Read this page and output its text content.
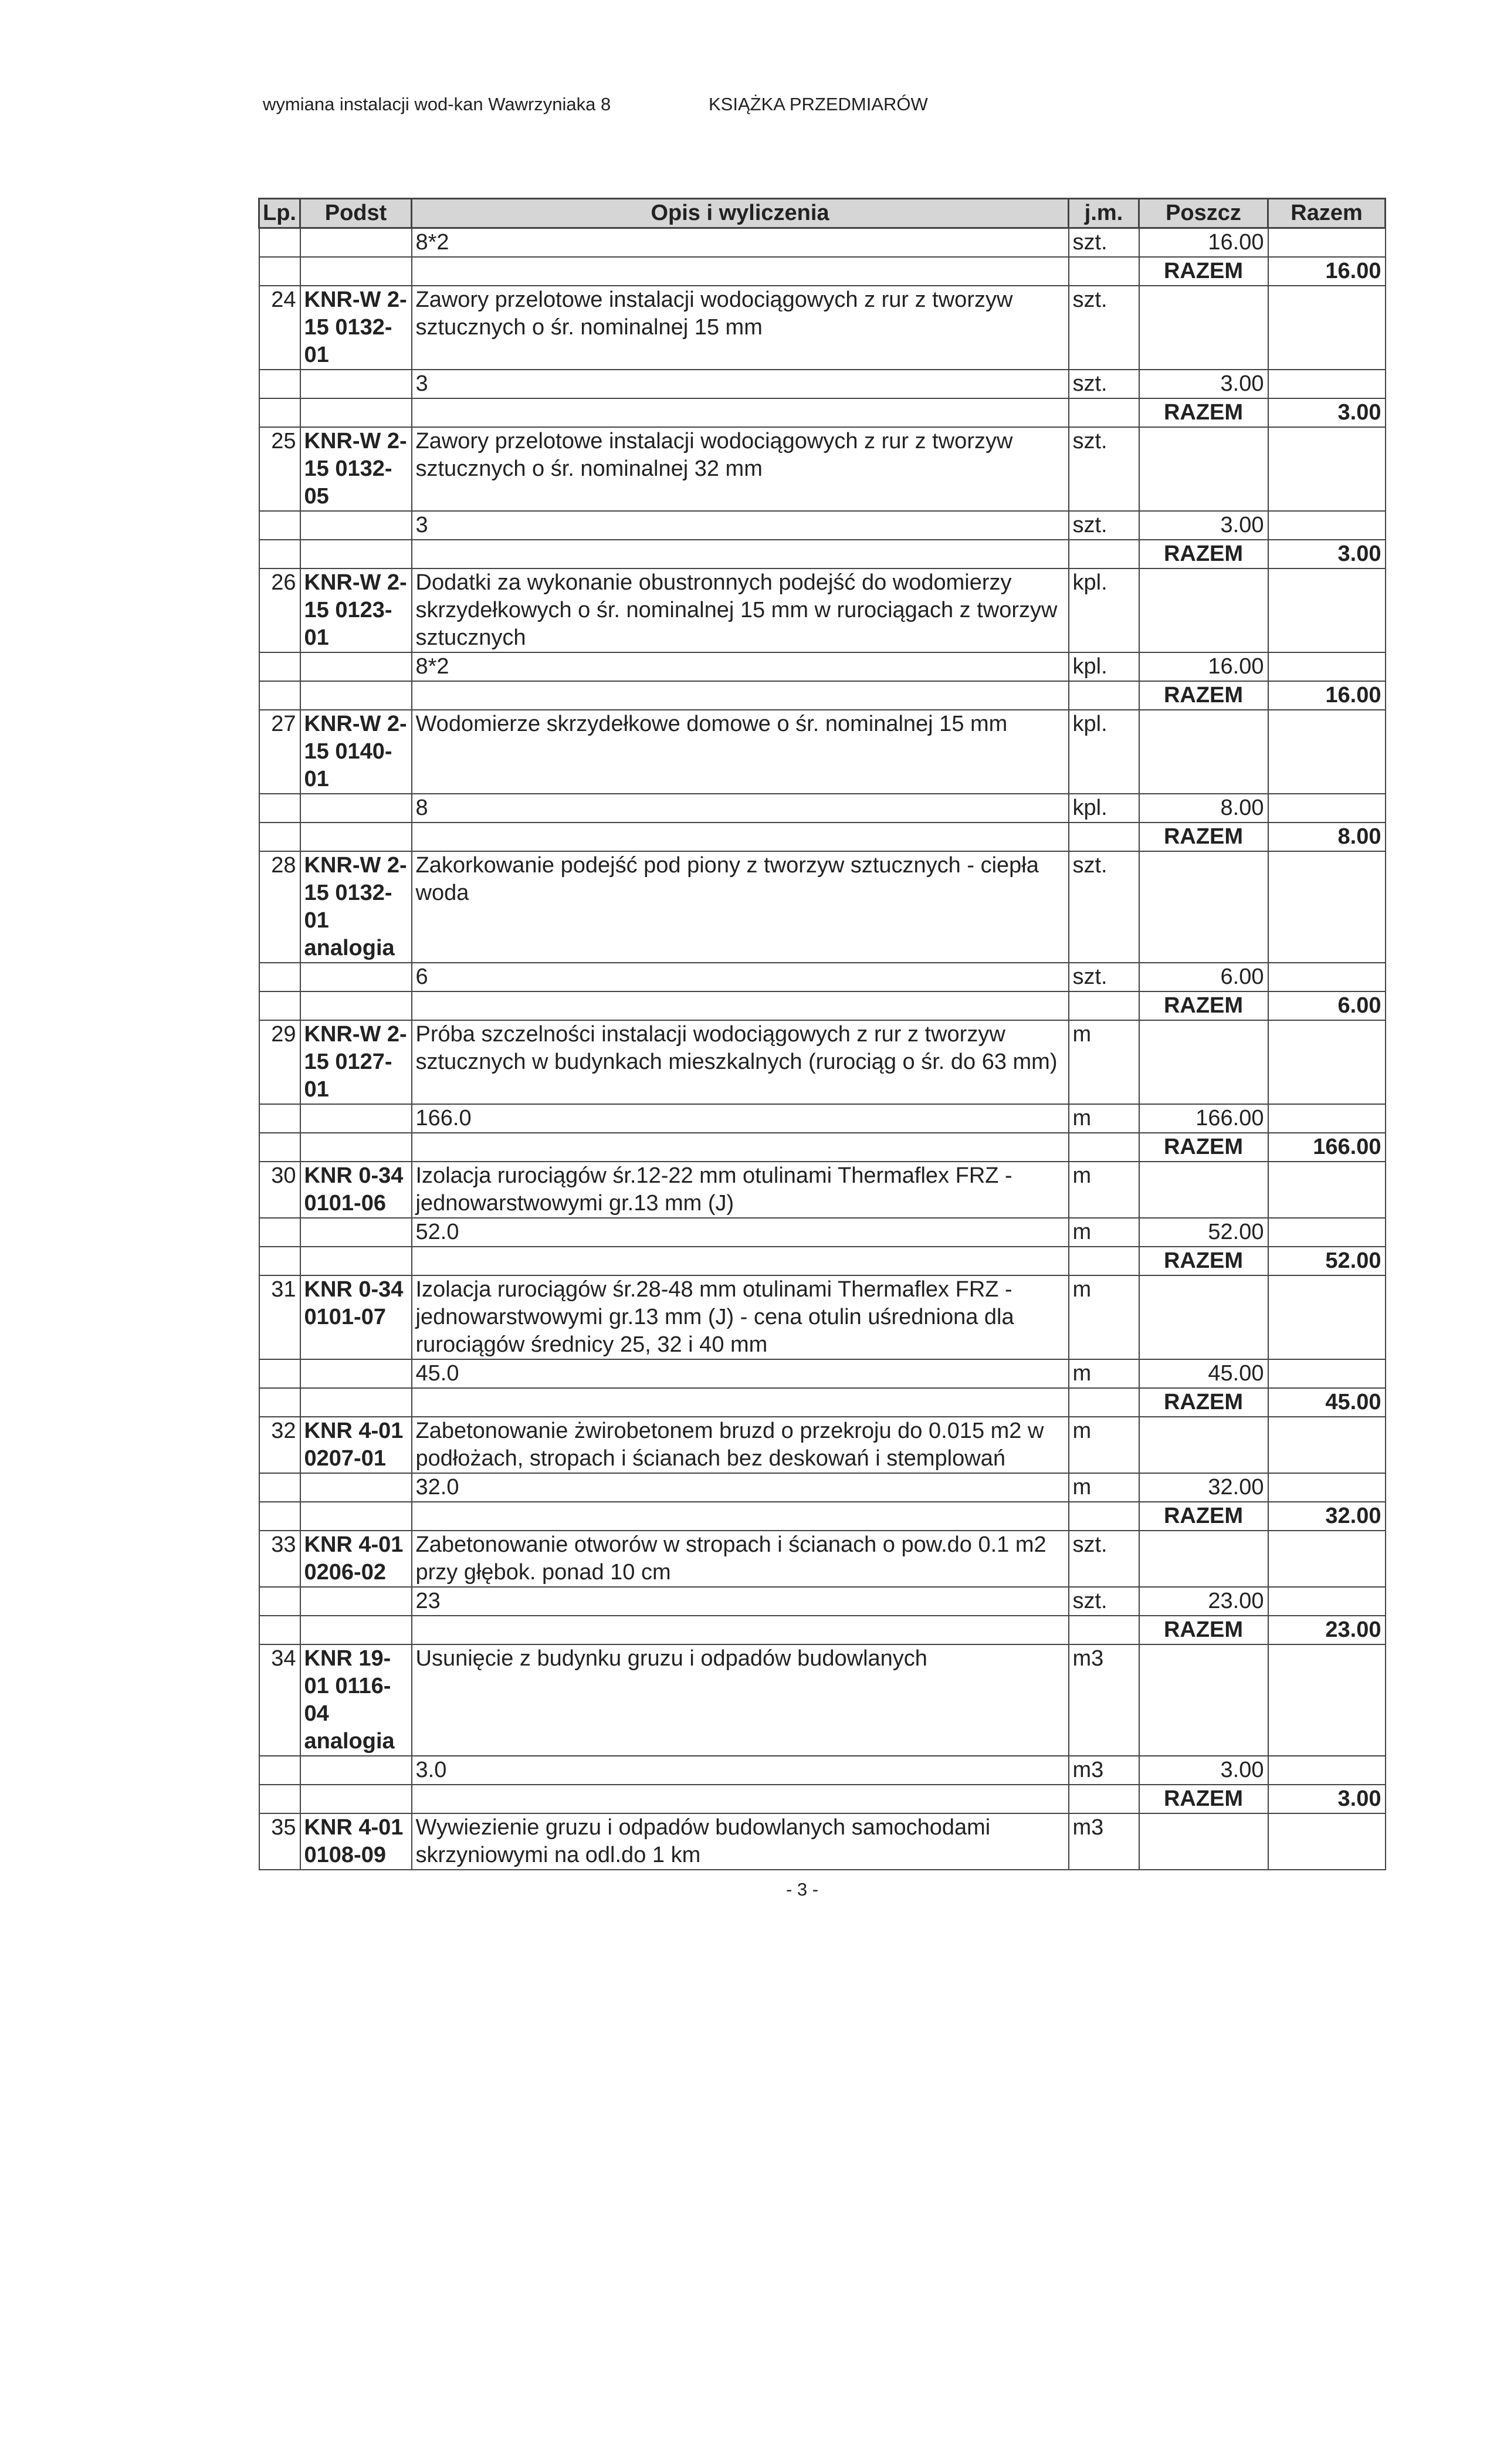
wymiana instalacji wod-kan Wawrzyniaka 8	KSIĄŻKA PRZEDMIARÓW
Lp.	Podst	Opis i wyliczenia	j.m.	Poszcz	Razem
		8*2	szt.	16.00	
				RAZEM	16.00
24	KNR-W 2-15 0132-01	Zawory przelotowe instalacji wodociągowych z rur z tworzyw sztucznych o śr. nominalnej 15 mm	szt.		
		3	szt.	3.00	
				RAZEM	3.00
25	KNR-W 2-15 0132-05	Zawory przelotowe instalacji wodociągowych z rur z tworzyw sztucznych o śr. nominalnej 32 mm	szt.		
		3	szt.	3.00	
				RAZEM	3.00
26	KNR-W 2-15 0123-01	Dodatki za wykonanie obustronnych podejść do wodomierzy skrzydełkowych o śr. nominalnej 15 mm w rurociągach z tworzyw sztucznych	kpl.		
		8*2	kpl.	16.00	
				RAZEM	16.00
27	KNR-W 2-15 0140-01	Wodomierze skrzydełkowe domowe o śr. nominalnej 15 mm	kpl.		
		8	kpl.	8.00	
				RAZEM	8.00
28	KNR-W 2-15 0132-01 analogia	Zakorkowanie podejść pod piony z tworzyw sztucznych - ciepła woda	szt.		
		6	szt.	6.00	
				RAZEM	6.00
29	KNR-W 2-15 0127-01	Próba szczelności instalacji wodociągowych z rur z tworzyw sztucznych w budynkach mieszkalnych (rurociąg o śr. do 63 mm)	m		
		166.0	m	166.00	
				RAZEM	166.00
30	KNR 0-34 0101-06	Izolacja rurociągów śr.12-22 mm otulinami Thermaflex FRZ - jednowarstwowymi gr.13 mm (J)	m		
		52.0	m	52.00	
				RAZEM	52.00
31	KNR 0-34 0101-07	Izolacja rurociągów śr.28-48 mm otulinami Thermaflex FRZ - jednowarstwowymi gr.13 mm (J) - cena otulin uśredniona dla rurociągów średnicy 25, 32 i 40 mm	m		
		45.0	m	45.00	
				RAZEM	45.00
32	KNR 4-01 0207-01	Zabetonowanie żwirobetonem bruzd o przekroju do 0.015 m2 w podłożach, stropach i ścianach bez deskowań i stemplowań	m		
		32.0	m	32.00	
				RAZEM	32.00
33	KNR 4-01 0206-02	Zabetonowanie otworów w stropach i ścianach o pow.do 0.1 m2 przy głębok. ponad 10 cm	szt.		
		23	szt.	23.00	
				RAZEM	23.00
34	KNR 19-01 0116-04 analogia	Usunięcie z budynku gruzu i odpadów budowlanych	m3		
		3.0	m3	3.00	
				RAZEM	3.00
35	KNR 4-01 0108-09	Wywiezienie gruzu i odpadów budowlanych samochodami skrzyniowymi na odl.do 1 km	m3		
- 3 -
